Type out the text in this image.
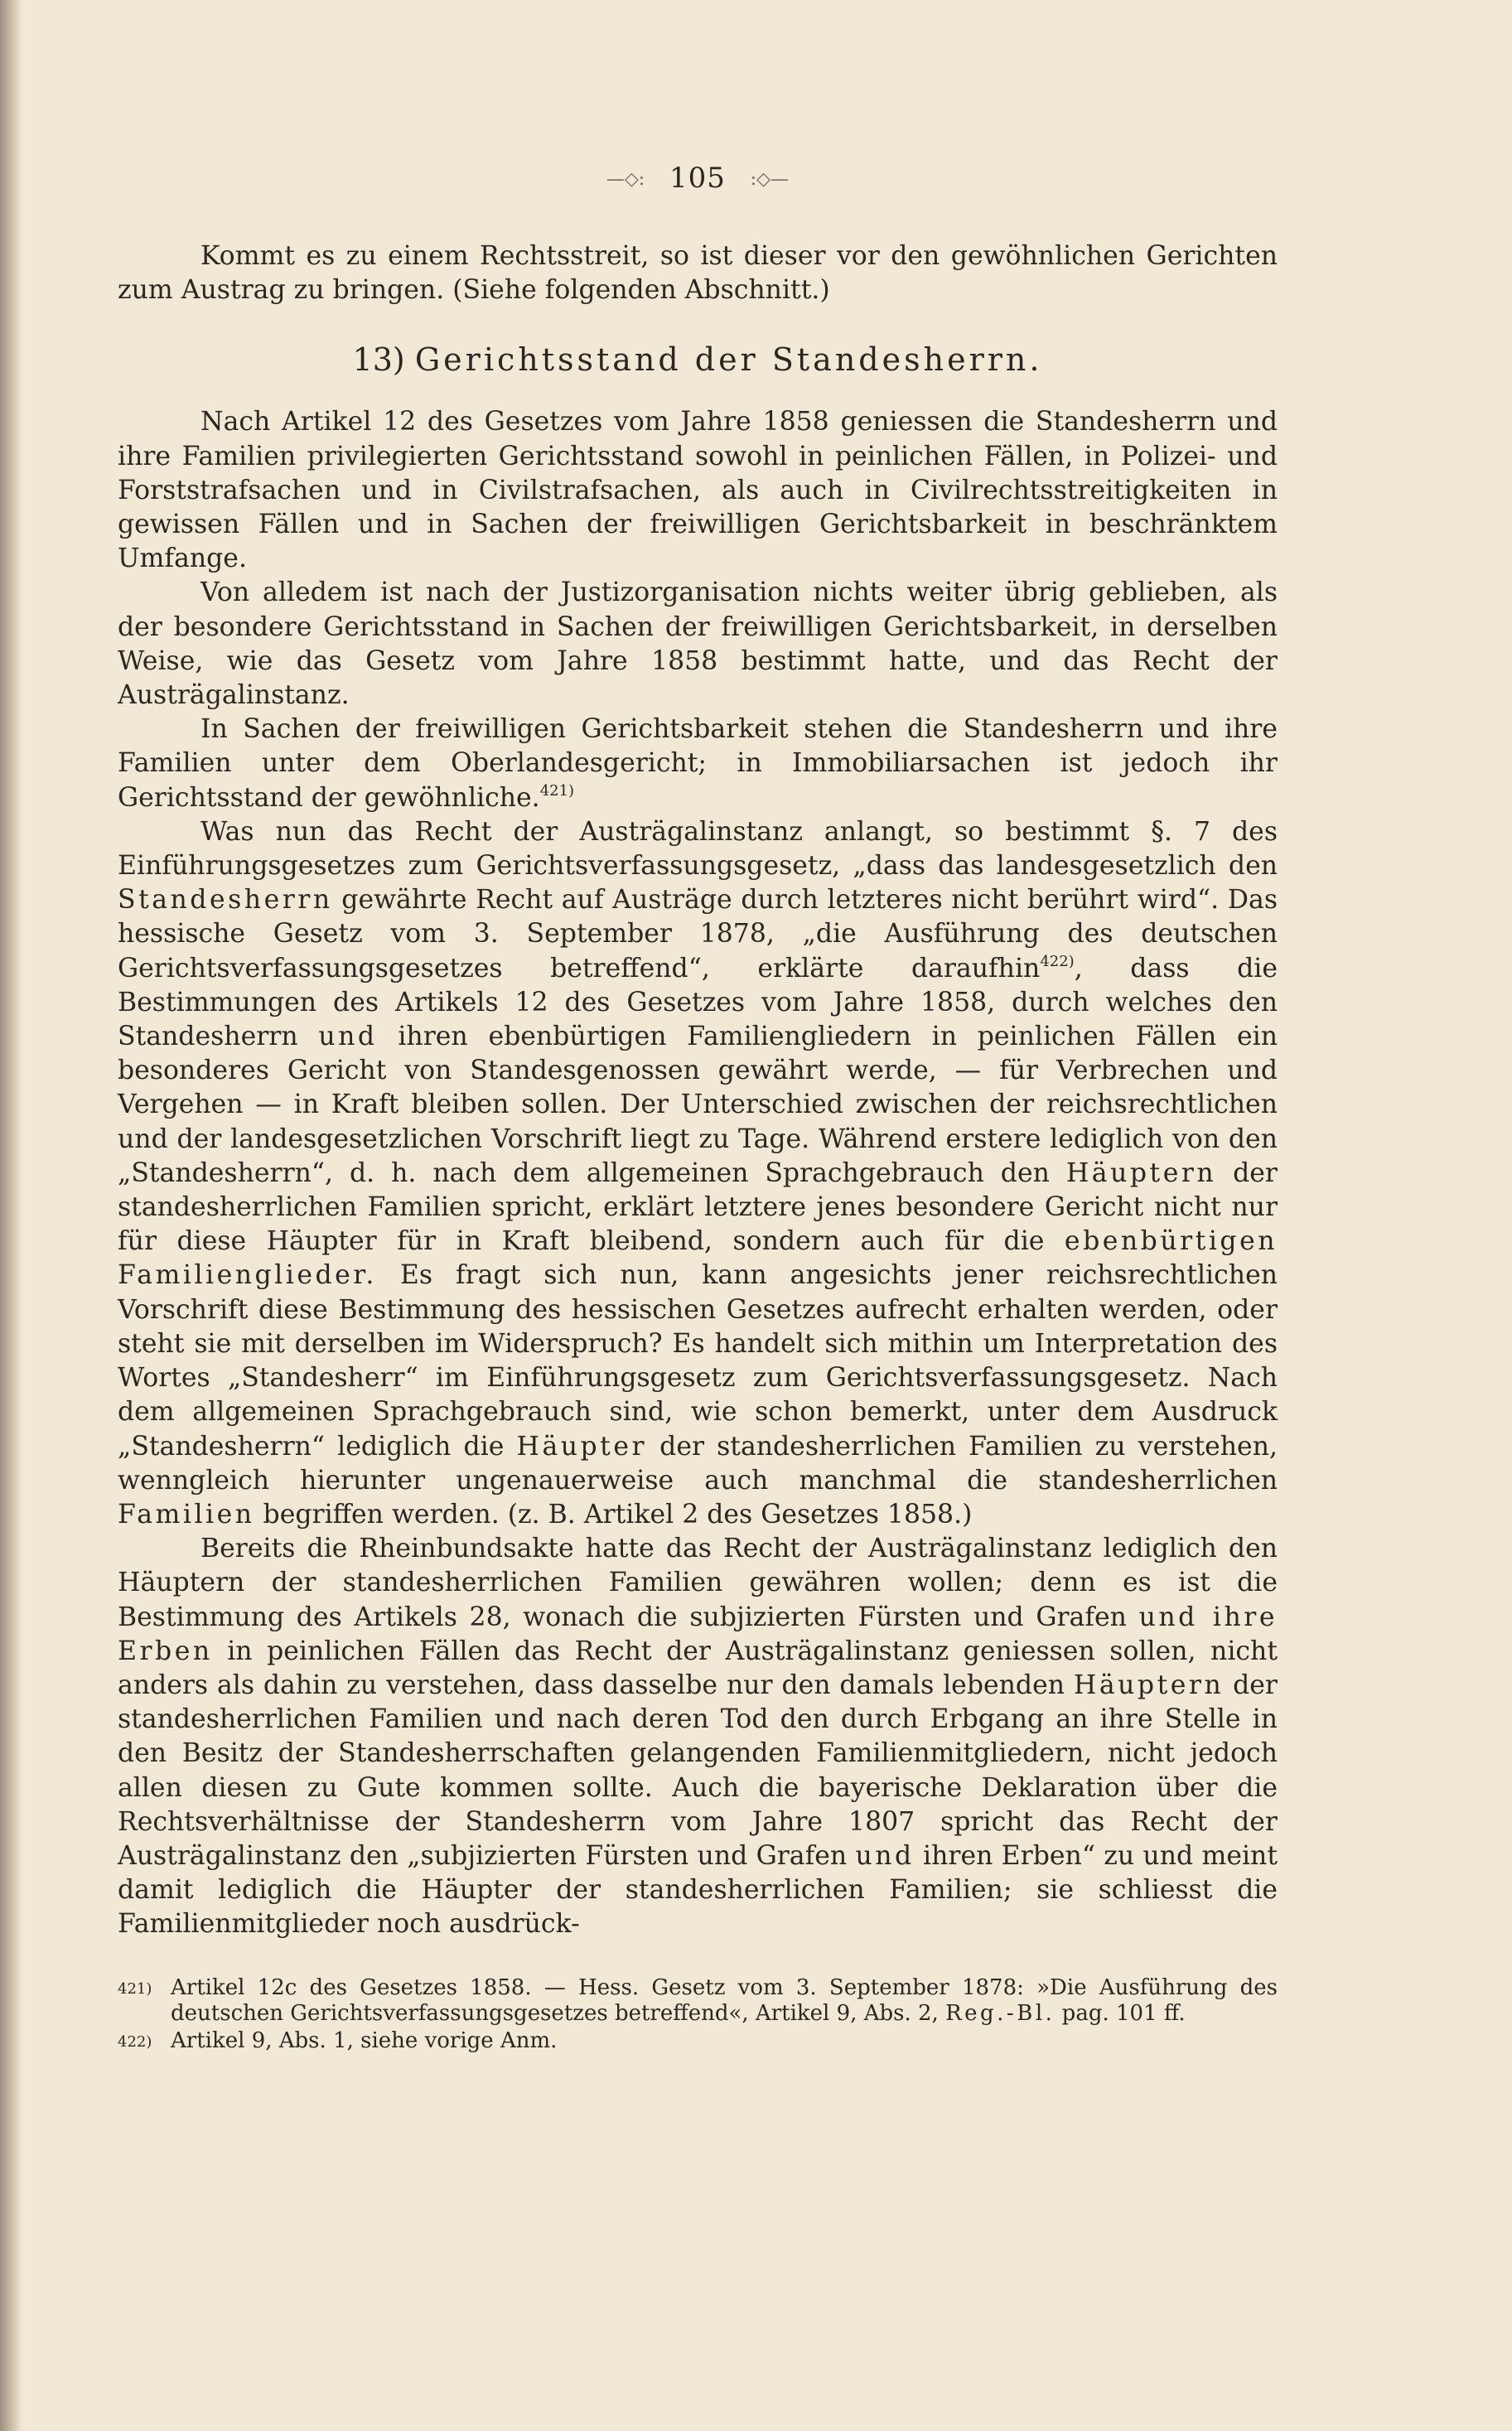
—◇: 105 :◇—

Kommt es zu einem Rechtsstreit, so ist dieser vor den gewöhnlichen Gerichten zum Austrag zu bringen. (Siehe folgenden Abschnitt.)

13) Gerichtsstand der Standesherrn.

Nach Artikel 12 des Gesetzes vom Jahre 1858 geniessen die Standesherrn und ihre Familien privilegierten Gerichtsstand sowohl in peinlichen Fällen, in Polizei- und Forststrafsachen und in Civilstrafsachen, als auch in Civilrechtsstreitigkeiten in gewissen Fällen und in Sachen der freiwilligen Gerichtsbarkeit in beschränktem Umfange.

Von alledem ist nach der Justizorganisation nichts weiter übrig geblieben, als der besondere Gerichtsstand in Sachen der freiwilligen Gerichtsbarkeit, in derselben Weise, wie das Gesetz vom Jahre 1858 bestimmt hatte, und das Recht der Austrägalinstanz.

In Sachen der freiwilligen Gerichtsbarkeit stehen die Standesherrn und ihre Familien unter dem Oberlandesgericht; in Immobiliarsachen ist jedoch ihr Gerichtsstand der gewöhnliche.$^{421)}$

Was nun das Recht der Austrägalinstanz anlangt, so bestimmt §. 7 des Einführungsgesetzes zum Gerichtsverfassungsgesetz, „dass das landesgesetzlich den Standesherrn gewährte Recht auf Austräge durch letzteres nicht berührt wird“. Das hessische Gesetz vom 3. September 1878, „die Ausführung des deutschen Gerichtsverfassungsgesetzes betreffend“, erklärte daraufhin$^{422)}$, dass die Bestimmungen des Artikels 12 des Gesetzes vom Jahre 1858, durch welches den Standesherrn und ihren ebenbürtigen Familiengliedern in peinlichen Fällen ein besonderes Gericht von Standesgenossen gewährt werde, — für Verbrechen und Vergehen — in Kraft bleiben sollen. Der Unterschied zwischen der reichsrechtlichen und der landesgesetzlichen Vorschrift liegt zu Tage. Während erstere lediglich von den „Standesherrn“, d. h. nach dem allgemeinen Sprachgebrauch den Häuptern der standesherrlichen Familien spricht, erklärt letztere jenes besondere Gericht nicht nur für diese Häupter für in Kraft bleibend, sondern auch für die ebenbürtigen Familienglieder. Es fragt sich nun, kann angesichts jener reichsrechtlichen Vorschrift diese Bestimmung des hessischen Gesetzes aufrecht erhalten werden, oder steht sie mit derselben im Widerspruch? Es handelt sich mithin um Interpretation des Wortes „Standesherr“ im Einführungsgesetz zum Gerichtsverfassungsgesetz. Nach dem allgemeinen Sprachgebrauch sind, wie schon bemerkt, unter dem Ausdruck „Standesherrn“ lediglich die Häupter der standesherrlichen Familien zu verstehen, wenngleich hierunter ungenauerweise auch manchmal die standesherrlichen Familien begriffen werden. (z. B. Artikel 2 des Gesetzes 1858.)

Bereits die Rheinbundsakte hatte das Recht der Austrägalinstanz lediglich den Häuptern der standesherrlichen Familien gewähren wollen; denn es ist die Bestimmung des Artikels 28, wonach die subjizierten Fürsten und Grafen und ihre Erben in peinlichen Fällen das Recht der Austrägalinstanz geniessen sollen, nicht anders als dahin zu verstehen, dass dasselbe nur den damals lebenden Häuptern der standesherrlichen Familien und nach deren Tod den durch Erbgang an ihre Stelle in den Besitz der Standesherrschaften gelangenden Familienmitgliedern, nicht jedoch allen diesen zu Gute kommen sollte. Auch die bayerische Deklaration über die Rechtsverhältnisse der Standesherrn vom Jahre 1807 spricht das Recht der Austrägalinstanz den „subjizierten Fürsten und Grafen und ihren Erben“ zu und meint damit lediglich die Häupter der standesherrlichen Familien; sie schliesst die Familienmitglieder noch ausdrück-

421) Artikel 12c des Gesetzes 1858. — Hess. Gesetz vom 3. September 1878: »Die Ausführung des deutschen Gerichtsverfassungsgesetzes betreffend«, Artikel 9, Abs. 2, Reg.-Bl. pag. 101 ff.
422) Artikel 9, Abs. 1, siehe vorige Anm.
